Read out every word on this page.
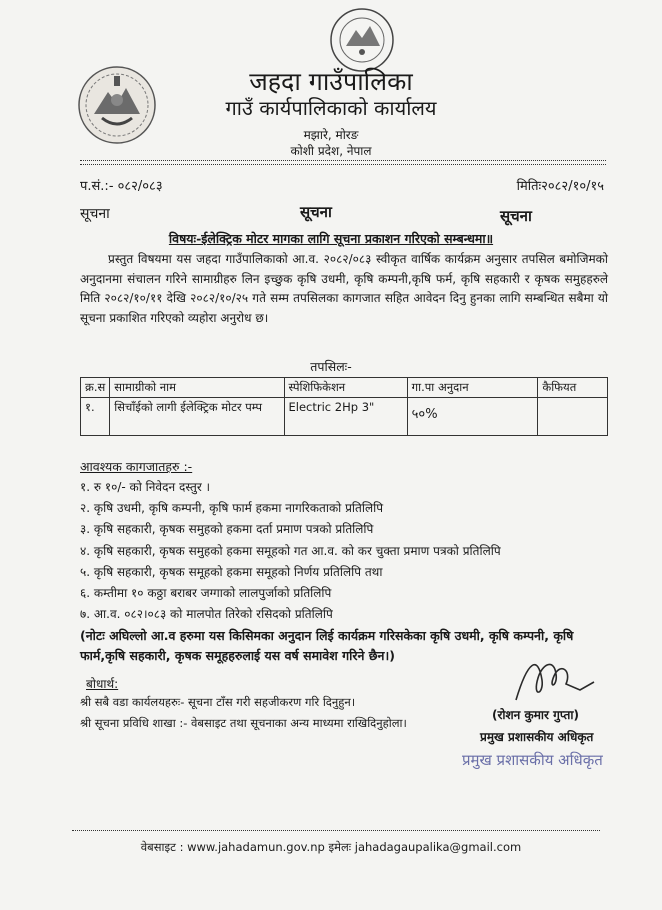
जहदा गाउँपालिका
गाउँ कार्यपालिकाको कार्यालय
मझारे, मोरङ
कोशी प्रदेश, नेपाल
प.सं.:- ०८२/०८३	मितिः२०८२/१०/१५
सूचना	सूचना	सूचना
विषयः-ईलेक्ट्रिक मोटर मागका लागि सूचना प्रकाशन गरिएको सम्बन्धमा॥
प्रस्तुत विषयमा यस जहदा गाउँपालिकाको आ.व. २०८२/०८३ स्वीकृत वार्षिक कार्यक्रम अनुसार तपसिल बमोजिमको अनुदानमा संचालन गरिने सामाग्रीहरु लिन इच्छुक कृषि उधमी, कृषि कम्पनी,कृषि फर्म, कृषि सहकारी र कृषक समुहहरुले मिति २०८२/१०/११ देखि २०८२/१०/२५ गते सम्म तपसिलका कागजात सहित आवेदन दिनु हुनका लागि सम्बन्धित सबैमा यो सूचना प्रकाशित गरिएको व्यहोरा अनुरोध छ।
तपसिलः-
क्र.स	सामाग्रीको नाम	स्पेशिफिकेशन	गा.पा अनुदान	कैफियत
१.	सिचाँईको लागी ईलेक्ट्रिक मोटर पम्प	Electric 2Hp 3"	५०%	
आवश्यक कागजातहरु :-
१. रु १०/- को निवेदन दस्तुर ।
२. कृषि उधमी, कृषि कम्पनी, कृषि फार्म हकमा नागरिकताको प्रतिलिपि
३. कृषि सहकारी, कृषक समुहको हकमा दर्ता प्रमाण पत्रको प्रतिलिपि
४. कृषि सहकारी, कृषक समुहको हकमा समूहको गत आ.व. को कर चुक्ता प्रमाण पत्रको प्रतिलिपि
५. कृषि सहकारी, कृषक समूहको हकमा समूहको निर्णय प्रतिलिपि तथा
६. कम्तीमा १० कठ्ठा बराबर जग्गाको लालपुर्जाको प्रतिलिपि
७. आ.व. ०८२।०८३ को मालपोत तिरेको रसिदको प्रतिलिपि
(नोटः अघिल्लो आ.व हरुमा यस किसिमका अनुदान लिई कार्यक्रम गरिसकेका कृषि उधमी, कृषि कम्पनी, कृषि फार्म,कृषि सहकारी, कृषक समूहहरुलाई यस वर्ष समावेश गरिने छैन।)
बोधार्थ:
श्री सबै वडा कार्यलयहरुः- सूचना टाँस गरी सहजीकरण गरि दिनुहुन।
श्री सूचना प्रविधि शाखा :- वेबसाइट तथा सूचनाका अन्य माध्यमा राखिदिनुहोला।
(रोशन कुमार गुप्ता)
प्रमुख प्रशासकीय अधिकृत
प्रमुख प्रशासकीय अधिकृत
वेबसाइट : www.jahadamun.gov.np इमेलः jahadagaupalika@gmail.com
